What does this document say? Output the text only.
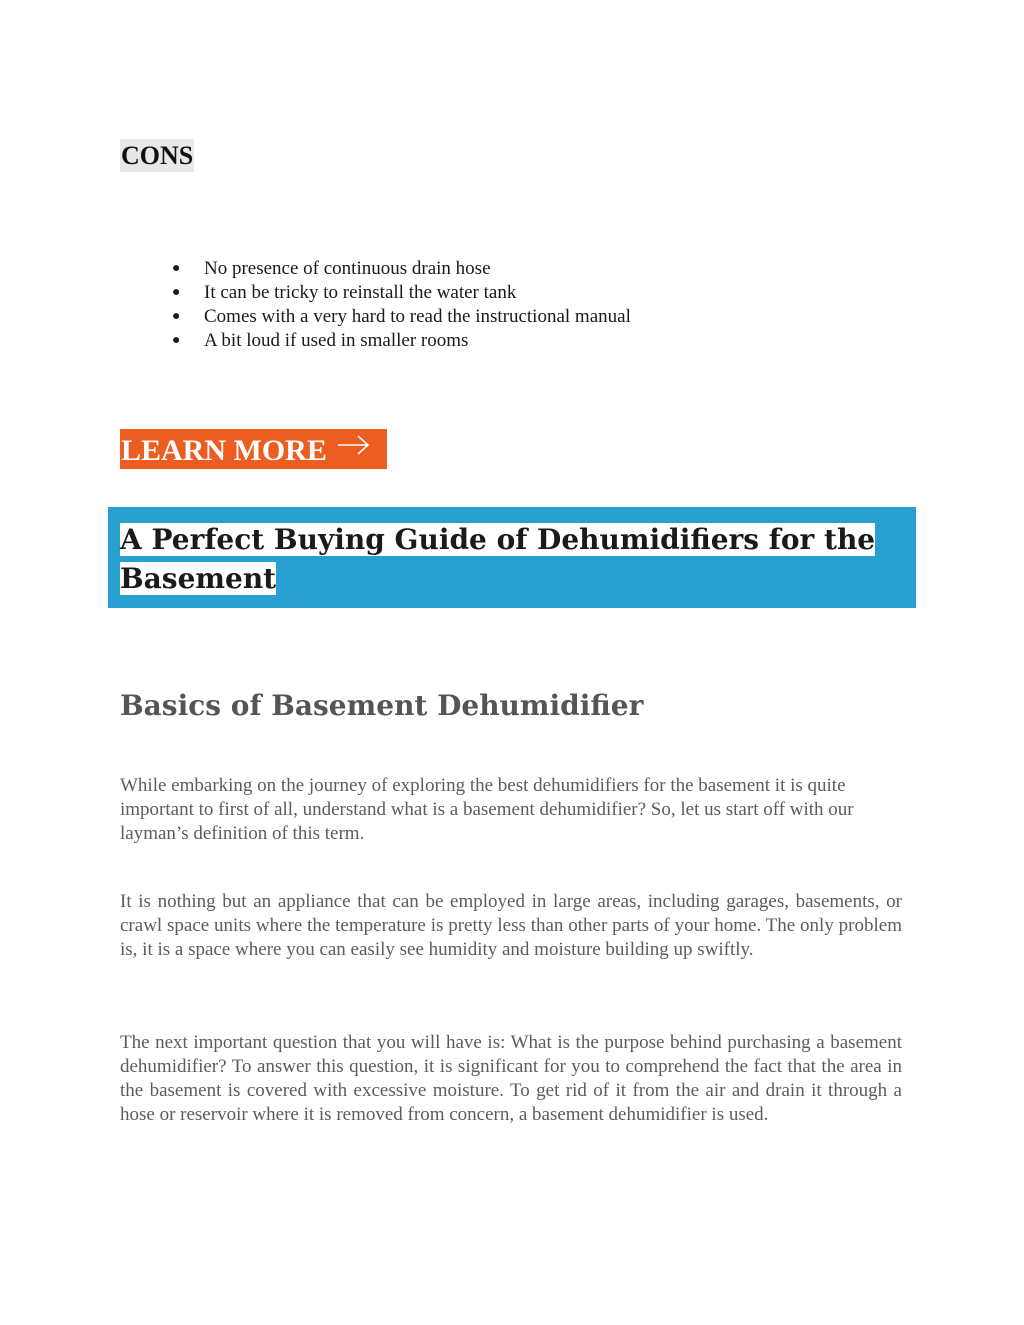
CONS
● No presence of continuous drain hose
● It can be tricky to reinstall the water tank
● Comes with a very hard to read the instructional manual
● A bit loud if used in smaller rooms
LEARN MORE
A Perfect Buying Guide of Dehumidifiers for the Basement
Basics of Basement Dehumidifier

While embarking on the journey of exploring the best dehumidifiers for the basement it is quite important to first of all, understand what is a basement dehumidifier? So, let us start off with our layman’s definition of this term.

It is nothing but an appliance that can be employed in large areas, including garages, basements, or crawl space units where the temperature is pretty less than other parts of your home. The only problem is, it is a space where you can easily see humidity and moisture building up swiftly.

The next important question that you will have is: What is the purpose behind purchasing a basement dehumidifier? To answer this question, it is significant for you to comprehend the fact that the area in the basement is covered with excessive moisture. To get rid of it from the air and drain it through a hose or reservoir where it is removed from concern, a basement dehumidifier is used.
